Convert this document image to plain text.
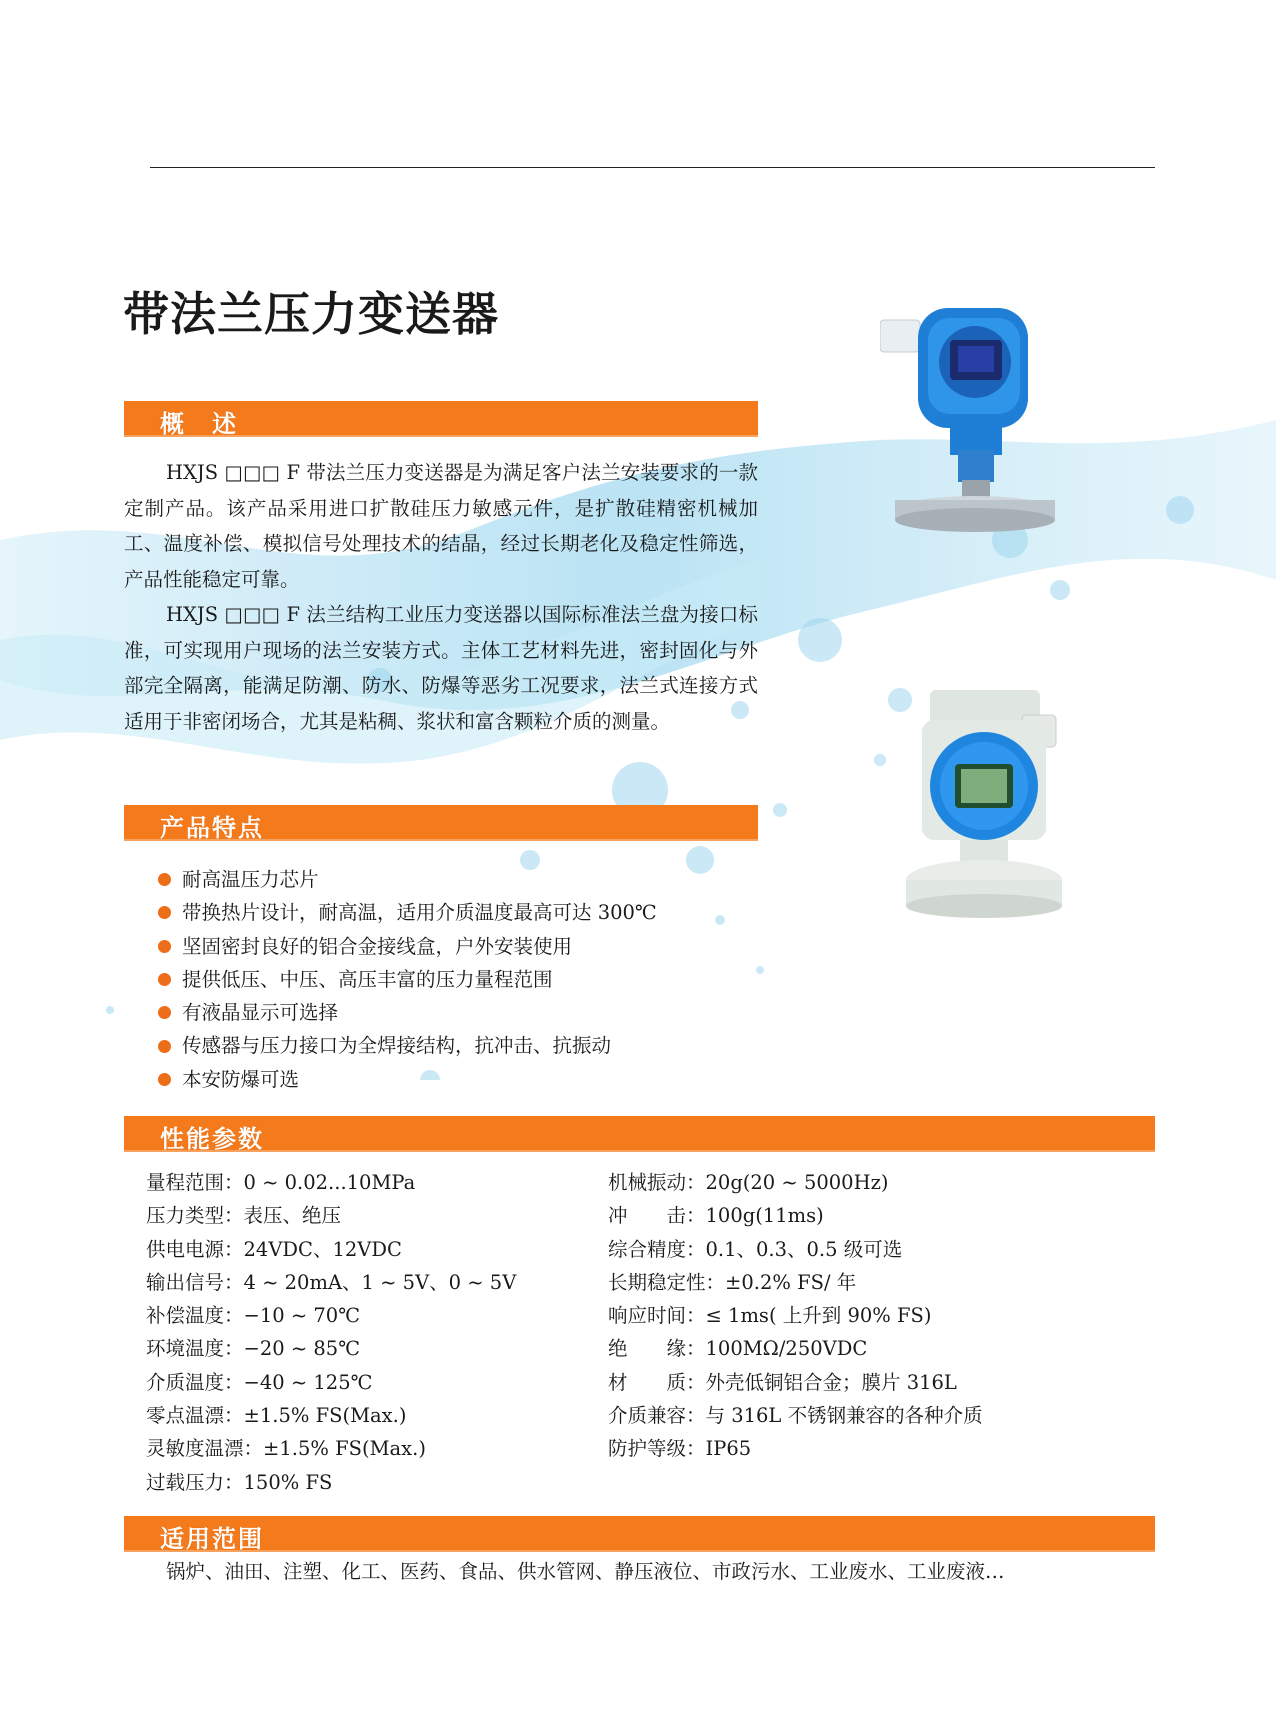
带法兰压力变送器
概　述

HXJS □□□ F 带法兰压力变送器是为满足客户法兰安装要求的一款定制产品。该产品采用进口扩散硅压力敏感元件，是扩散硅精密机械加工、温度补偿、模拟信号处理技术的结晶，经过长期老化及稳定性筛选，产品性能稳定可靠。

HXJS □□□ F 法兰结构工业压力变送器以国际标准法兰盘为接口标准，可实现用户现场的法兰安装方式。主体工艺材料先进，密封固化与外部完全隔离，能满足防潮、防水、防爆等恶劣工况要求，法兰式连接方式适用于非密闭场合，尤其是粘稠、浆状和富含颗粒介质的测量。

产品特点
耐高温压力芯片
带换热片设计，耐高温，适用介质温度最高可达 300℃
坚固密封良好的铝合金接线盒，户外安装使用
提供低压、中压、高压丰富的压力量程范围
有液晶显示可选择
传感器与压力接口为全焊接结构，抗冲击、抗振动
本安防爆可选
性能参数
量程范围：0 ~ 0.02...10MPa
压力类型：表压、绝压
供电电源：24VDC、12VDC
输出信号：4 ~ 20mA、1 ~ 5V、0 ~ 5V
补偿温度：−10 ~ 70℃
环境温度：−20 ~ 85℃
介质温度：−40 ~ 125℃
零点温漂：±1.5% FS(Max.)
灵敏度温漂：±1.5% FS(Max.)
过载压力：150% FS
机械振动：20g(20 ~ 5000Hz)
冲　　击：100g(11ms)
综合精度：0.1、0.3、0.5 级可选
长期稳定性：±0.2% FS/ 年
响应时间：≤ 1ms( 上升到 90% FS)
绝　　缘：100MΩ/250VDC
材　　质：外壳低铜铝合金；膜片 316L
介质兼容：与 316L 不锈钢兼容的各种介质
防护等级：IP65
适用范围

锅炉、油田、注塑、化工、医药、食品、供水管网、静压液位、市政污水、工业废水、工业废液…
